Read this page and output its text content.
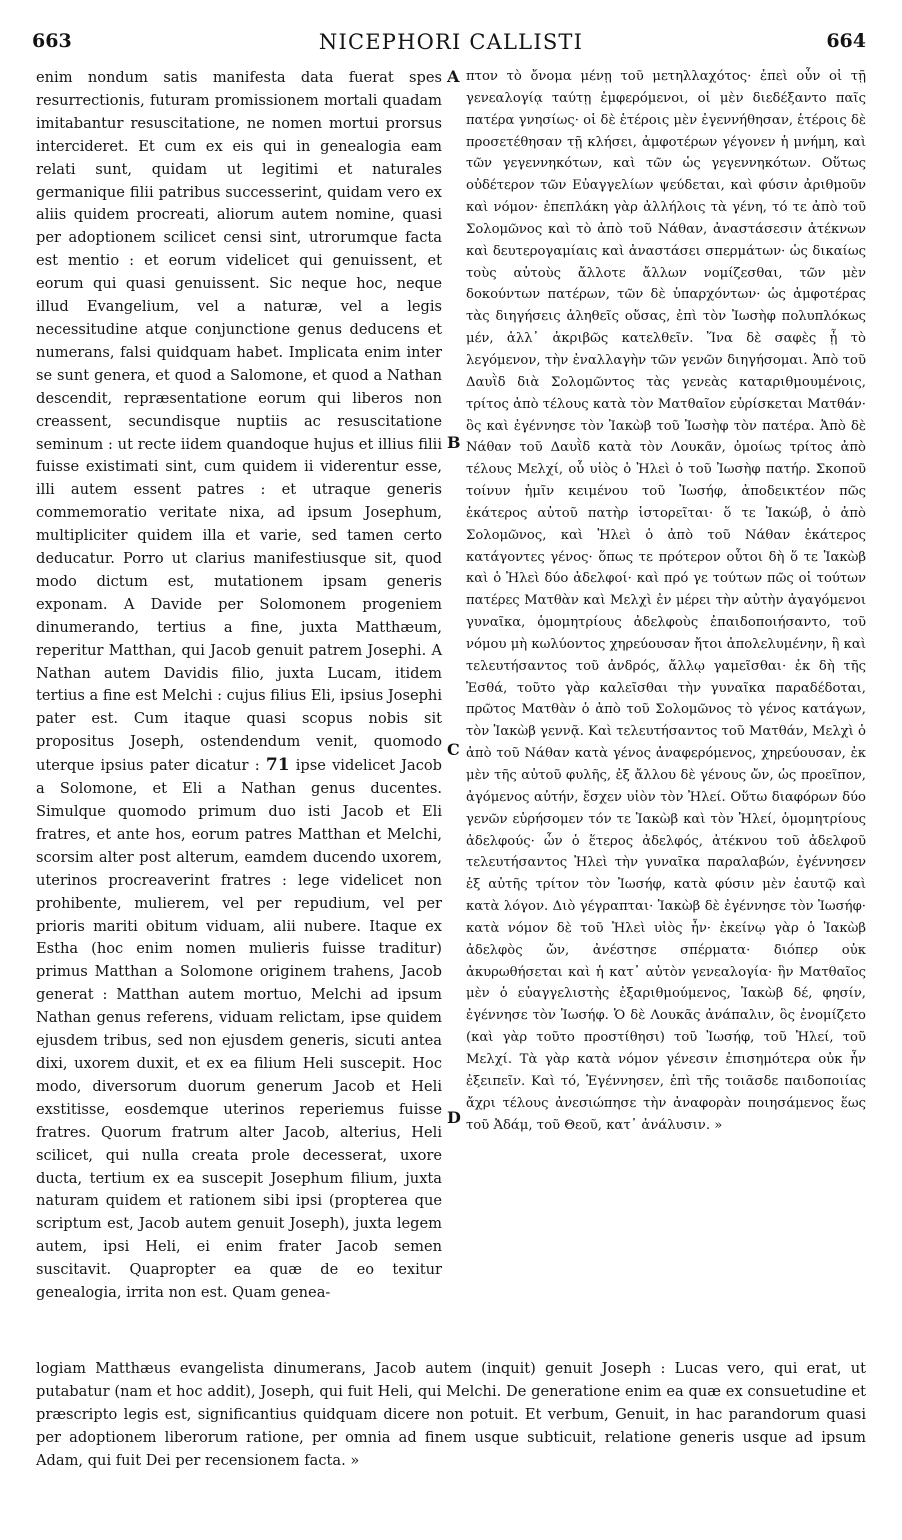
663	NICEPHORI CALLISTI	664

enim nondum satis manifesta data fuerat spes resurrectionis, futuram promissionem mortali quadam imitabantur resuscitatione, ne nomen mortui prorsus intercideret. Et cum ex eis qui in genealogia eam relati sunt, quidam ut legitimi et naturales germanique filii patribus successerint, quidam vero ex aliis quidem procreati, aliorum autem nomine, quasi per adoptionem scilicet censi sint, utrorumque facta est mentio : et eorum videlicet qui genuissent, et eorum qui quasi genuissent. Sic neque hoc, neque illud Evangelium, vel a naturæ, vel a legis necessitudine atque conjunctione genus deducens et numerans, falsi quidquam habet. Implicata enim inter se sunt genera, et quod a Salomone, et quod a Nathan descendit, repræsentatione eorum qui liberos non creassent, secundisque nuptiis ac resuscitatione seminum : ut recte iidem quandoque hujus et illius filii fuisse existimati sint, cum quidem ii viderentur esse, illi autem essent patres : et utraque generis commemoratio veritate nixa, ad ipsum Josephum, multipliciter quidem illa et varie, sed tamen certo deducatur. Porro ut clarius manifestiusque sit, quod modo dictum est, mutationem ipsam generis exponam. A Davide per Solomonem progeniem dinumerando, tertius a fine, juxta Matthæum, reperitur Matthan, qui Jacob genuit patrem Josephi. A Nathan autem Davidis filio, juxta Lucam, itidem tertius a fine est Melchi : cujus filius Eli, ipsius Josephi pater est. Cum itaque quasi scopus nobis sit propositus Joseph, ostendendum venit, quomodo uterque ipsius pater dicatur : 71 ipse videlicet Jacob a Solomone, et Eli a Nathan genus ducentes. Simulque quomodo primum duo isti Jacob et Eli fratres, et ante hos, eorum patres Matthan et Melchi, scorsim alter post alterum, eamdem ducendo uxorem, uterinos procreaverint fratres : lege videlicet non prohibente, mulierem, vel per repudium, vel per prioris mariti obitum viduam, alii nubere. Itaque ex Estha (hoc enim nomen mulieris fuisse traditur) primus Matthan a Solomone originem trahens, Jacob generat : Matthan autem mortuo, Melchi ad ipsum Nathan genus referens, viduam relictam, ipse quidem ejusdem tribus, sed non ejusdem generis, sicuti antea dixi, uxorem duxit, et ex ea filium Heli suscepit. Hoc modo, diversorum duorum generum Jacob et Heli exstitisse, eosdemque uterinos reperiemus fuisse fratres. Quorum fratrum alter Jacob, alterius, Heli scilicet, qui nulla creata prole decesserat, uxore ducta, tertium ex ea suscepit Josephum filium, juxta naturam quidem et rationem sibi ipsi (propterea que scriptum est, Jacob autem genuit Joseph), juxta legem autem, ipsi Heli, ei enim frater Jacob semen suscitavit. Quapropter ea quæ de eo texitur genealogia, irrita non est. Quam genea-

A
B
C
D

πτον τὸ ὄνομα μένῃ τοῦ μετηλλαχότος· ἐπεὶ οὖν οἱ τῇ γενεαλογίᾳ ταύτῃ ἐμφερόμενοι, οἱ μὲν διεδέξαντο παῖς πατέρα γνησίως· οἱ δὲ ἑτέροις μὲν ἐγεννήθησαν, ἑτέροις δὲ προσετέθησαν τῇ κλήσει, ἀμφοτέρων γέγονεν ἡ μνήμη, καὶ τῶν γεγεννηκότων, καὶ τῶν ὡς γεγεννηκότων. Οὕτως οὐδέτερον τῶν Εὐαγγελίων ψεύδεται, καὶ φύσιν ἀριθμοῦν καὶ νόμον· ἐπεπλάκη γὰρ ἀλλήλοις τὰ γένη, τό τε ἀπὸ τοῦ Σολομῶνος καὶ τὸ ἀπὸ τοῦ Νάθαν, ἀναστάσεσιν ἀτέκνων καὶ δευτερογαμίαις καὶ ἀναστάσει σπερμάτων· ὡς δικαίως τοὺς αὐτοὺς ἄλλοτε ἄλλων νομίζεσθαι, τῶν μὲν δοκούντων πατέρων, τῶν δὲ ὑπαρχόντων· ὡς ἀμφοτέρας τὰς διηγήσεις ἀληθεῖς οὔσας, ἐπὶ τὸν Ἰωσὴφ πολυπλόκως μέν, ἀλλ᾽ ἀκριβῶς κατελθεῖν. Ἵνα δὲ σαφὲς ᾖ τὸ λεγόμενον, τὴν ἐναλλαγὴν τῶν γενῶν διηγήσομαι. Ἀπὸ τοῦ Δαυῒδ διὰ Σολομῶντος τὰς γενεὰς καταριθμουμένοις, τρίτος ἀπὸ τέλους κατὰ τὸν Ματθαῖον εὑρίσκεται Ματθάν· ὃς καὶ ἐγέννησε τὸν Ἰακὼβ τοῦ Ἰωσὴφ τὸν πατέρα. Ἀπὸ δὲ Νάθαν τοῦ Δαυῒδ κατὰ τὸν Λουκᾶν, ὁμοίως τρίτος ἀπὸ τέλους Μελχί, οὗ υἱὸς ὁ Ἠλεὶ ὁ τοῦ Ἰωσὴφ πατήρ. Σκοποῦ τοίνυν ἡμῖν κειμένου τοῦ Ἰωσήφ, ἀποδεικτέον πῶς ἑκάτερος αὐτοῦ πατὴρ ἱστορεῖται· ὅ τε Ἰακώβ, ὁ ἀπὸ Σολομῶνος, καὶ Ἠλεὶ ὁ ἀπὸ τοῦ Νάθαν ἑκάτερος κατάγοντες γένος· ὅπως τε πρότερον οὗτοι δὴ ὅ τε Ἰακὼβ καὶ ὁ Ἠλεὶ δύο ἀδελφοί· καὶ πρό γε τούτων πῶς οἱ τούτων πατέρες Ματθὰν καὶ Μελχὶ ἐν μέρει τὴν αὐτὴν ἀγαγόμενοι γυναῖκα, ὁμομητρίους ἀδελφοὺς ἐπαιδοποιήσαντο, τοῦ νόμου μὴ κωλύοντος χηρεύουσαν ἤτοι ἀπολελυμένην, ἢ καὶ τελευτήσαντος τοῦ ἀνδρός, ἄλλῳ γαμεῖσθαι· ἐκ δὴ τῆς Ἐσθά, τοῦτο γὰρ καλεῖσθαι τὴν γυναῖκα παραδέδοται, πρῶτος Ματθὰν ὁ ἀπὸ τοῦ Σολομῶνος τὸ γένος κατάγων, τὸν Ἰακὼβ γεννᾷ. Καὶ τελευτήσαντος τοῦ Ματθάν, Μελχὶ ὁ ἀπὸ τοῦ Νάθαν κατὰ γένος ἀναφερόμενος, χηρεύουσαν, ἐκ μὲν τῆς αὐτοῦ φυλῆς, ἐξ ἄλλου δὲ γένους ὤν, ὡς προεῖπον, ἀγόμενος αὐτήν, ἔσχεν υἱὸν τὸν Ἠλεί. Οὕτω διαφόρων δύο γενῶν εὑρήσομεν τόν τε Ἰακὼβ καὶ τὸν Ἠλεί, ὁμομητρίους ἀδελφούς· ὧν ὁ ἕτερος ἀδελφός, ἀτέκνου τοῦ ἀδελφοῦ τελευτήσαντος Ἠλεὶ τὴν γυναῖκα παραλαβών, ἐγέννησεν ἐξ αὐτῆς τρίτον τὸν Ἰωσήφ, κατὰ φύσιν μὲν ἑαυτῷ καὶ κατὰ λόγον. Διὸ γέγραπται· Ἰακὼβ δὲ ἐγέννησε τὸν Ἰωσήφ· κατὰ νόμον δὲ τοῦ Ἠλεὶ υἱὸς ἦν· ἐκείνῳ γὰρ ὁ Ἰακὼβ ἀδελφὸς ὤν, ἀνέστησε σπέρματα· διόπερ οὐκ ἀκυρωθήσεται καὶ ἡ κατ᾽ αὐτὸν γενεαλογία· ἣν Ματθαῖος μὲν ὁ εὐαγγελιστὴς ἐξαριθμούμενος, Ἰακὼβ δέ, φησίν, ἐγέννησε τὸν Ἰωσήφ. Ὁ δὲ Λουκᾶς ἀνάπαλιν, ὃς ἐνομίζετο (καὶ γὰρ τοῦτο προστίθησι) τοῦ Ἰωσήφ, τοῦ Ἠλεί, τοῦ Μελχί. Τὰ γὰρ κατὰ νόμον γένεσιν ἐπισημότερα οὐκ ἦν ἐξειπεῖν. Καὶ τό, Ἐγέννησεν, ἐπὶ τῆς τοιᾶσδε παιδοποιίας ἄχρι τέλους ἀνεσιώπησε τὴν ἀναφορὰν ποιησάμενος ἕως τοῦ Ἀδάμ, τοῦ Θεοῦ, κατ᾽ ἀνάλυσιν. »

logiam Matthæus evangelista dinumerans, Jacob autem (inquit) genuit Joseph : Lucas vero, qui erat, ut putabatur (nam et hoc addit), Joseph, qui fuit Heli, qui Melchi. De generatione enim ea quæ ex consuetudine et præscripto legis est, significantius quidquam dicere non potuit. Et verbum, Genuit, in hac parandorum quasi per adoptionem liberorum ratione, per omnia ad finem usque subticuit, relatione generis usque ad ipsum Adam, qui fuit Dei per recensionem facta. »
